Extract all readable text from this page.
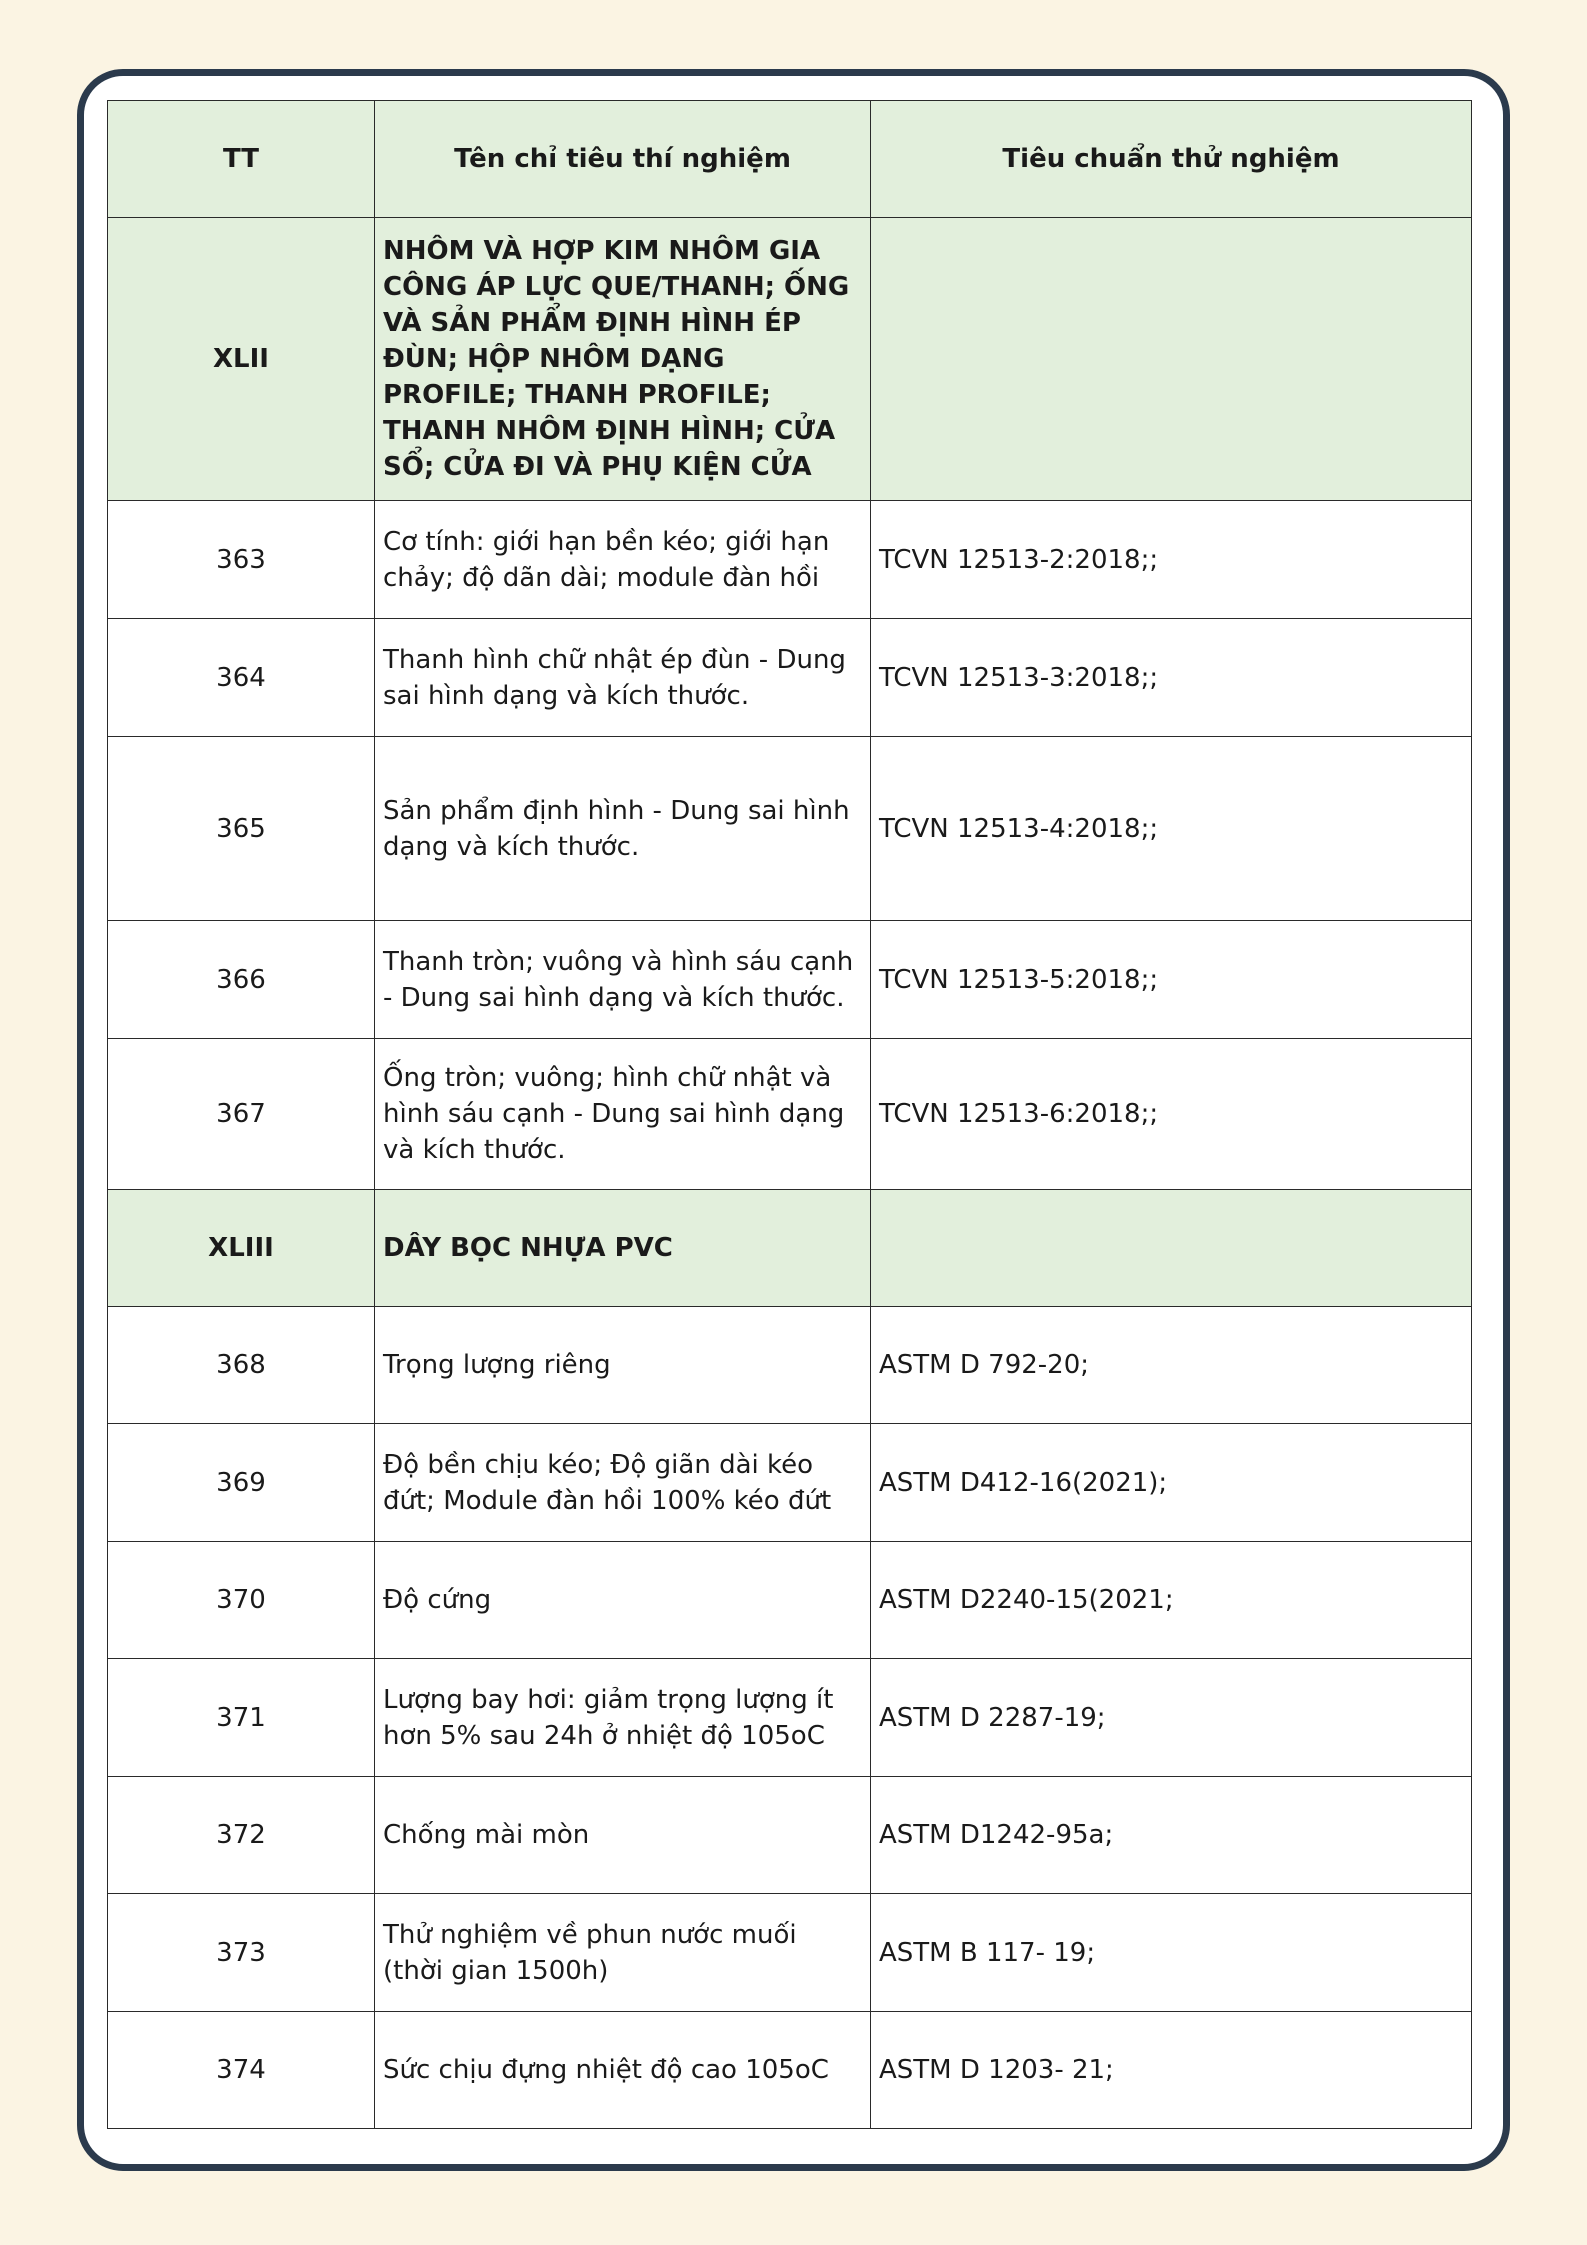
TT	Tên chỉ tiêu thí nghiệm	Tiêu chuẩn thử nghiệm
XLII	NHÔM VÀ HỢP KIM NHÔM GIA CÔNG ÁP LỰC QUE/THANH; ỐNG VÀ SẢN PHẨM ĐỊNH HÌNH ÉP ĐÙN; HỘP NHÔM DẠNG PROFILE; THANH PROFILE; THANH NHÔM ĐỊNH HÌNH; CỬA SỔ; CỬA ĐI VÀ PHỤ KIỆN CỬA	
363	Cơ tính: giới hạn bền kéo; giới hạn chảy; độ dãn dài; module đàn hồi	TCVN 12513-2:2018;;
364	Thanh hình chữ nhật ép đùn - Dung sai hình dạng và kích thước.	TCVN 12513-3:2018;;
365	Sản phẩm định hình - Dung sai hình dạng và kích thước.	TCVN 12513-4:2018;;
366	Thanh tròn; vuông và hình sáu cạnh - Dung sai hình dạng và kích thước.	TCVN 12513-5:2018;;
367	Ống tròn; vuông; hình chữ nhật và hình sáu cạnh - Dung sai hình dạng và kích thước.	TCVN 12513-6:2018;;
XLIII	DÂY BỌC NHỰA PVC	
368	Trọng lượng riêng	ASTM D 792-20;
369	Độ bền chịu kéo; Độ giãn dài kéo đứt; Module đàn hồi 100% kéo đứt	ASTM D412-16(2021);
370	Độ cứng	ASTM D2240-15(2021;
371	Lượng bay hơi: giảm trọng lượng ít hơn 5% sau 24h ở nhiệt độ 105oC	ASTM D 2287-19;
372	Chống mài mòn	ASTM D1242-95a;
373	Thử nghiệm về phun nước muối (thời gian 1500h)	ASTM B 117- 19;
374	Sức chịu đựng nhiệt độ cao 105oC	ASTM D 1203- 21;
